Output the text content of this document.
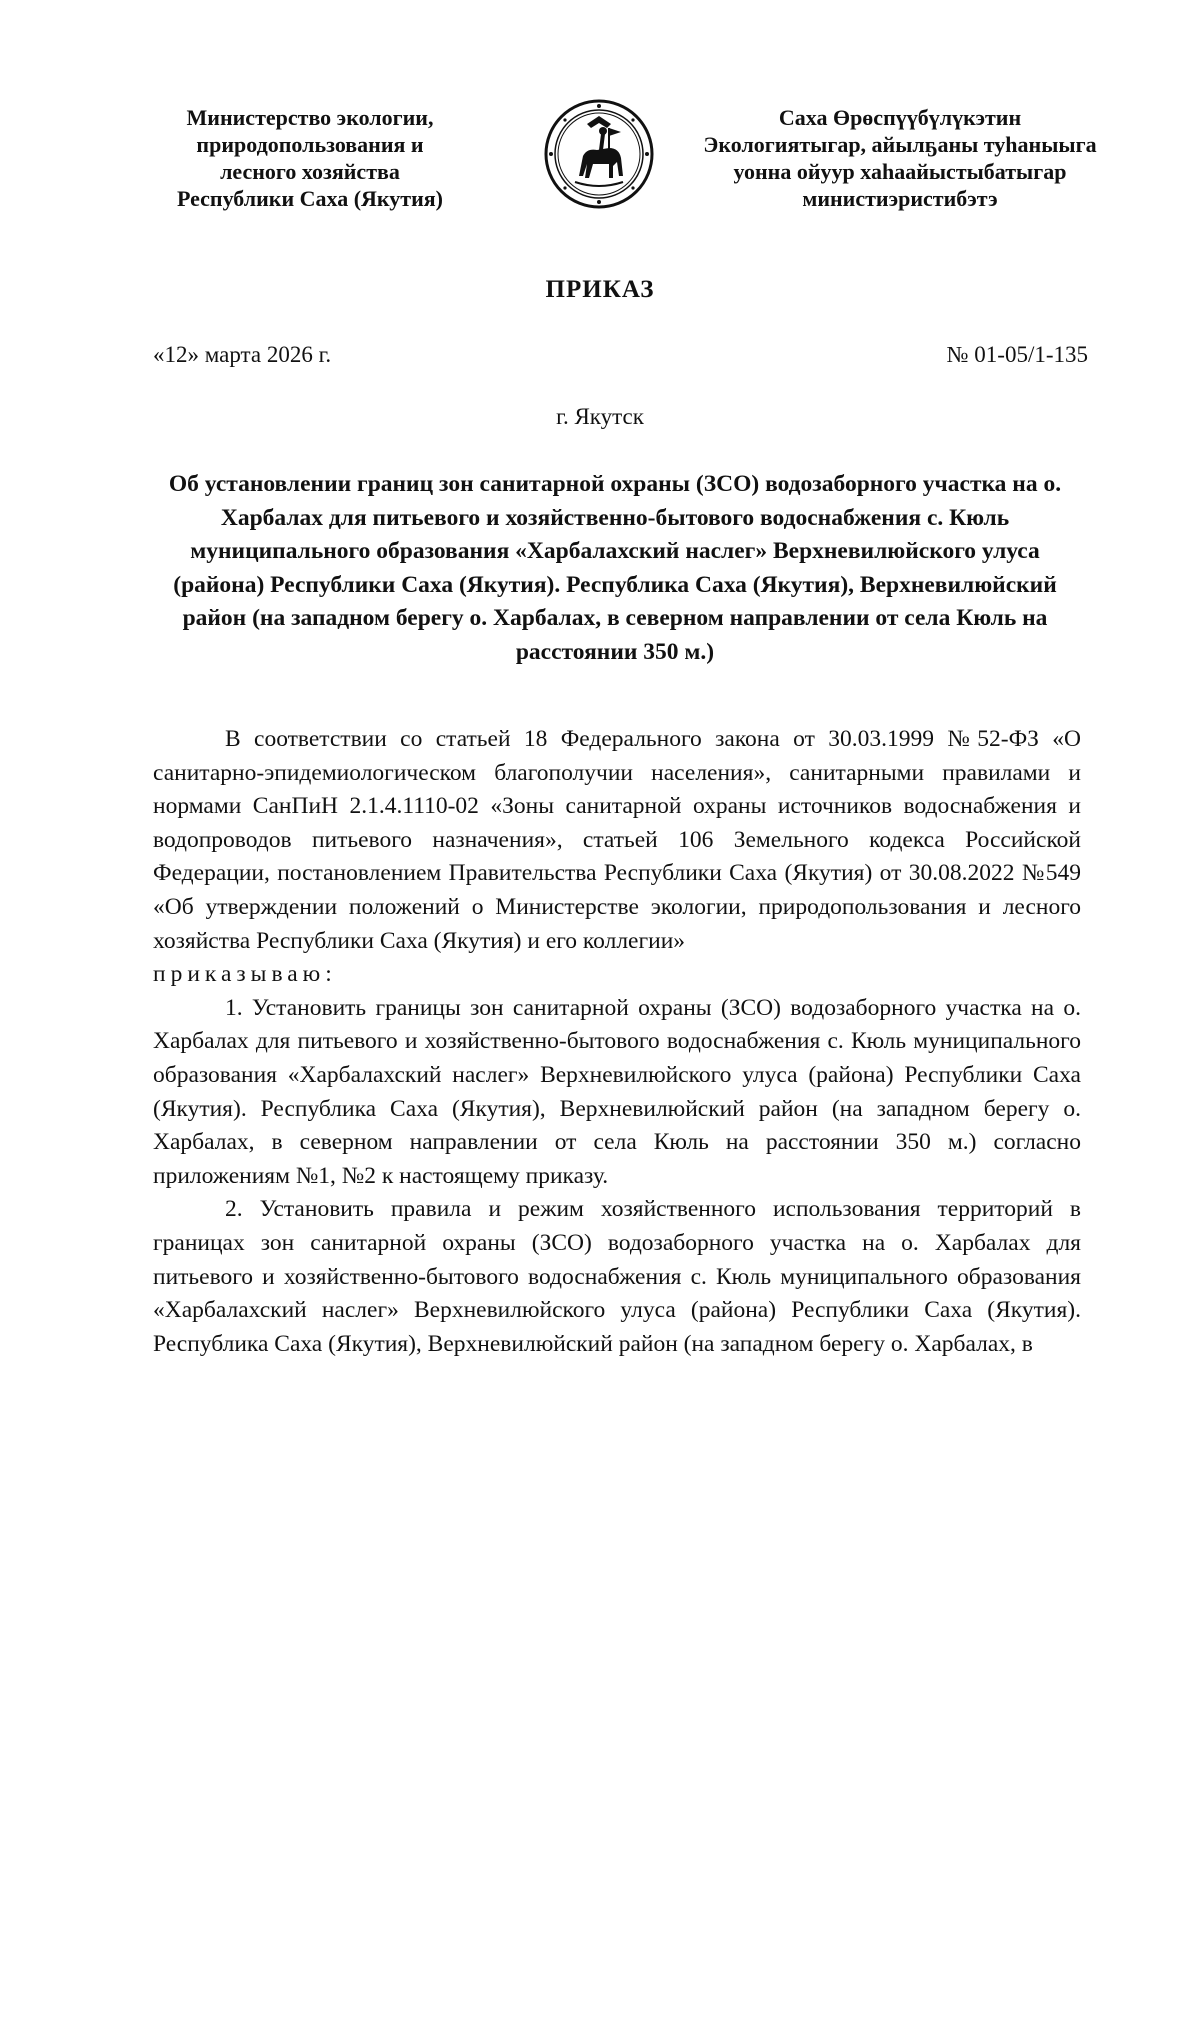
Министерство экологии,
природопользования и
лесного хозяйства
Республики Саха (Якутия)
Саха Өрөспүүбүлүкэтин
Экологиятыгар, айылҕаны туһаныыга
уонна ойуур хаһаайыстыбатыгар
министиэристибэтэ
ПРИКАЗ
«12» марта 2026 г.	№ 01-05/1-135
г. Якутск
Об установлении границ зон санитарной охраны (ЗСО) водозаборного участка на о. Харбалах для питьевого и хозяйственно-бытового водоснабжения с. Кюль муниципального образования «Харбалахский наслег» Верхневилюйского улуса (района) Республики Саха (Якутия). Республика Саха (Якутия), Верхневилюйский район (на западном берегу о. Харбалах, в северном направлении от села Кюль на расстоянии 350 м.)

В соответствии со статьей 18 Федерального закона от 30.03.1999 №52-ФЗ «О санитарно-эпидемиологическом благополучии населения», санитарными правилами и нормами СанПиН 2.1.4.1110-02 «Зоны санитарной охраны источников водоснабжения и водопроводов питьевого назначения», статьей 106 Земельного кодекса Российской Федерации, постановлением Правительства Республики Саха (Якутия) от 30.08.2022 №549 «Об утверждении положений о Министерстве экологии, природопользования и лесного хозяйства Республики Саха (Якутия) и его коллегии»

приказываю:

1. Установить границы зон санитарной охраны (ЗСО) водозаборного участка на о. Харбалах для питьевого и хозяйственно-бытового водоснабжения с. Кюль муниципального образования «Харбалахский наслег» Верхневилюйского улуса (района) Республики Саха (Якутия). Республика Саха (Якутия), Верхневилюйский район (на западном берегу о. Харбалах, в северном направлении от села Кюль на расстоянии 350 м.) согласно приложениям №1, №2 к настоящему приказу.

2. Установить правила и режим хозяйственного использования территорий в границах зон санитарной охраны (ЗСО) водозаборного участка на о. Харбалах для питьевого и хозяйственно-бытового водоснабжения с. Кюль муниципального образования «Харбалахский наслег» Верхневилюйского улуса (района) Республики Саха (Якутия). Республика Саха (Якутия), Верхневилюйский район (на западном берегу о. Харбалах, в
